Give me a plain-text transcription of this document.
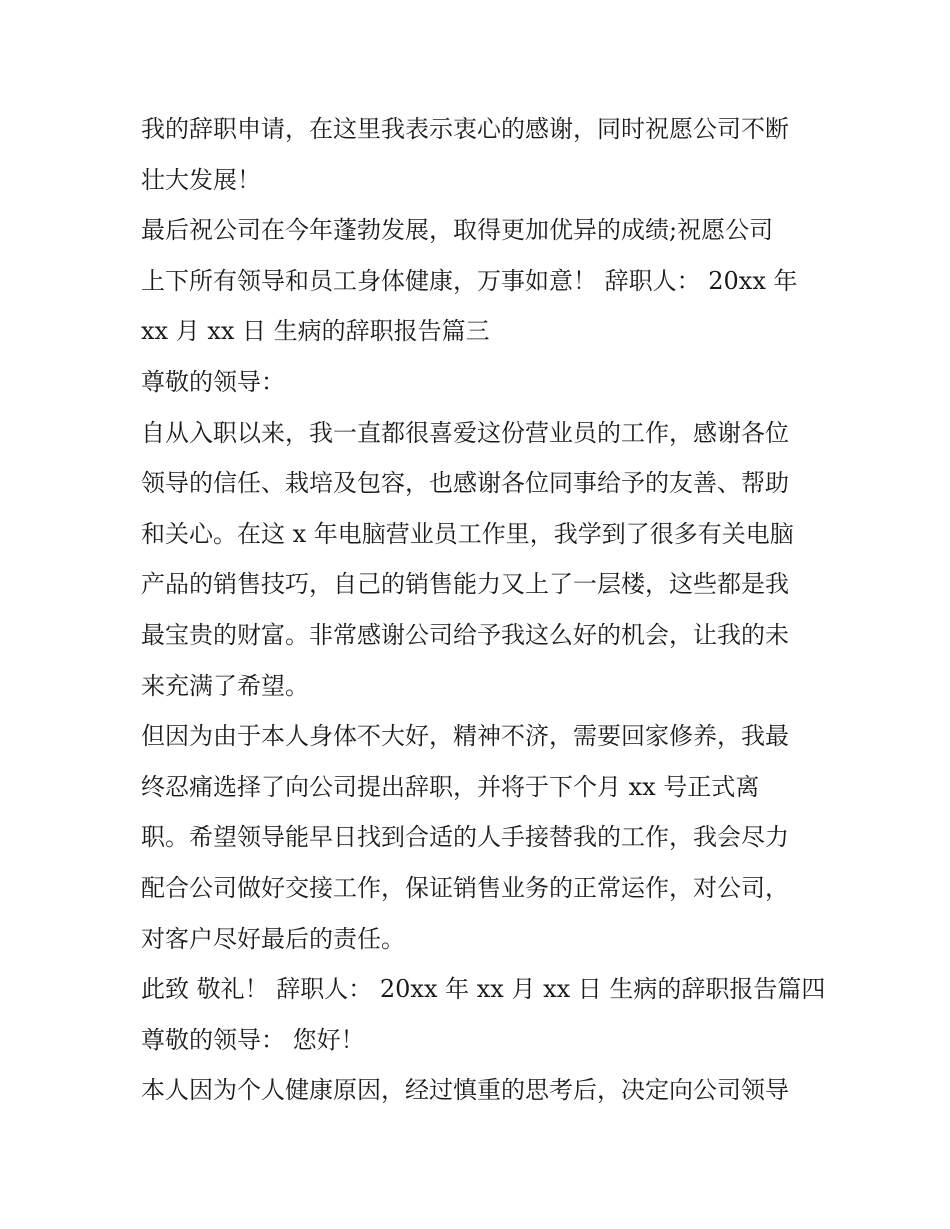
我的辞职申请，在这里我表示衷心的感谢，同时祝愿公司不断

壮大发展！

最后祝公司在今年蓬勃发展，取得更加优异的成绩;祝愿公司

上下所有领导和员工身体健康，万事如意！ 辞职人： 20xx 年

xx 月 xx 日 生病的辞职报告篇三

尊敬的领导：

自从入职以来，我一直都很喜爱这份营业员的工作，感谢各位

领导的信任、栽培及包容，也感谢各位同事给予的友善、帮助

和关心。在这 x 年电脑营业员工作里，我学到了很多有关电脑

产品的销售技巧，自己的销售能力又上了一层楼，这些都是我

最宝贵的财富。非常感谢公司给予我这么好的机会，让我的未

来充满了希望。

但因为由于本人身体不大好，精神不济，需要回家修养，我最

终忍痛选择了向公司提出辞职，并将于下个月 xx 号正式离

职。希望领导能早日找到合适的人手接替我的工作，我会尽力

配合公司做好交接工作，保证销售业务的正常运作，对公司，

对客户尽好最后的责任。

此致 敬礼！ 辞职人： 20xx 年 xx 月 xx 日 生病的辞职报告篇四

尊敬的领导： 您好！

本人因为个人健康原因，经过慎重的思考后，决定向公司领导
